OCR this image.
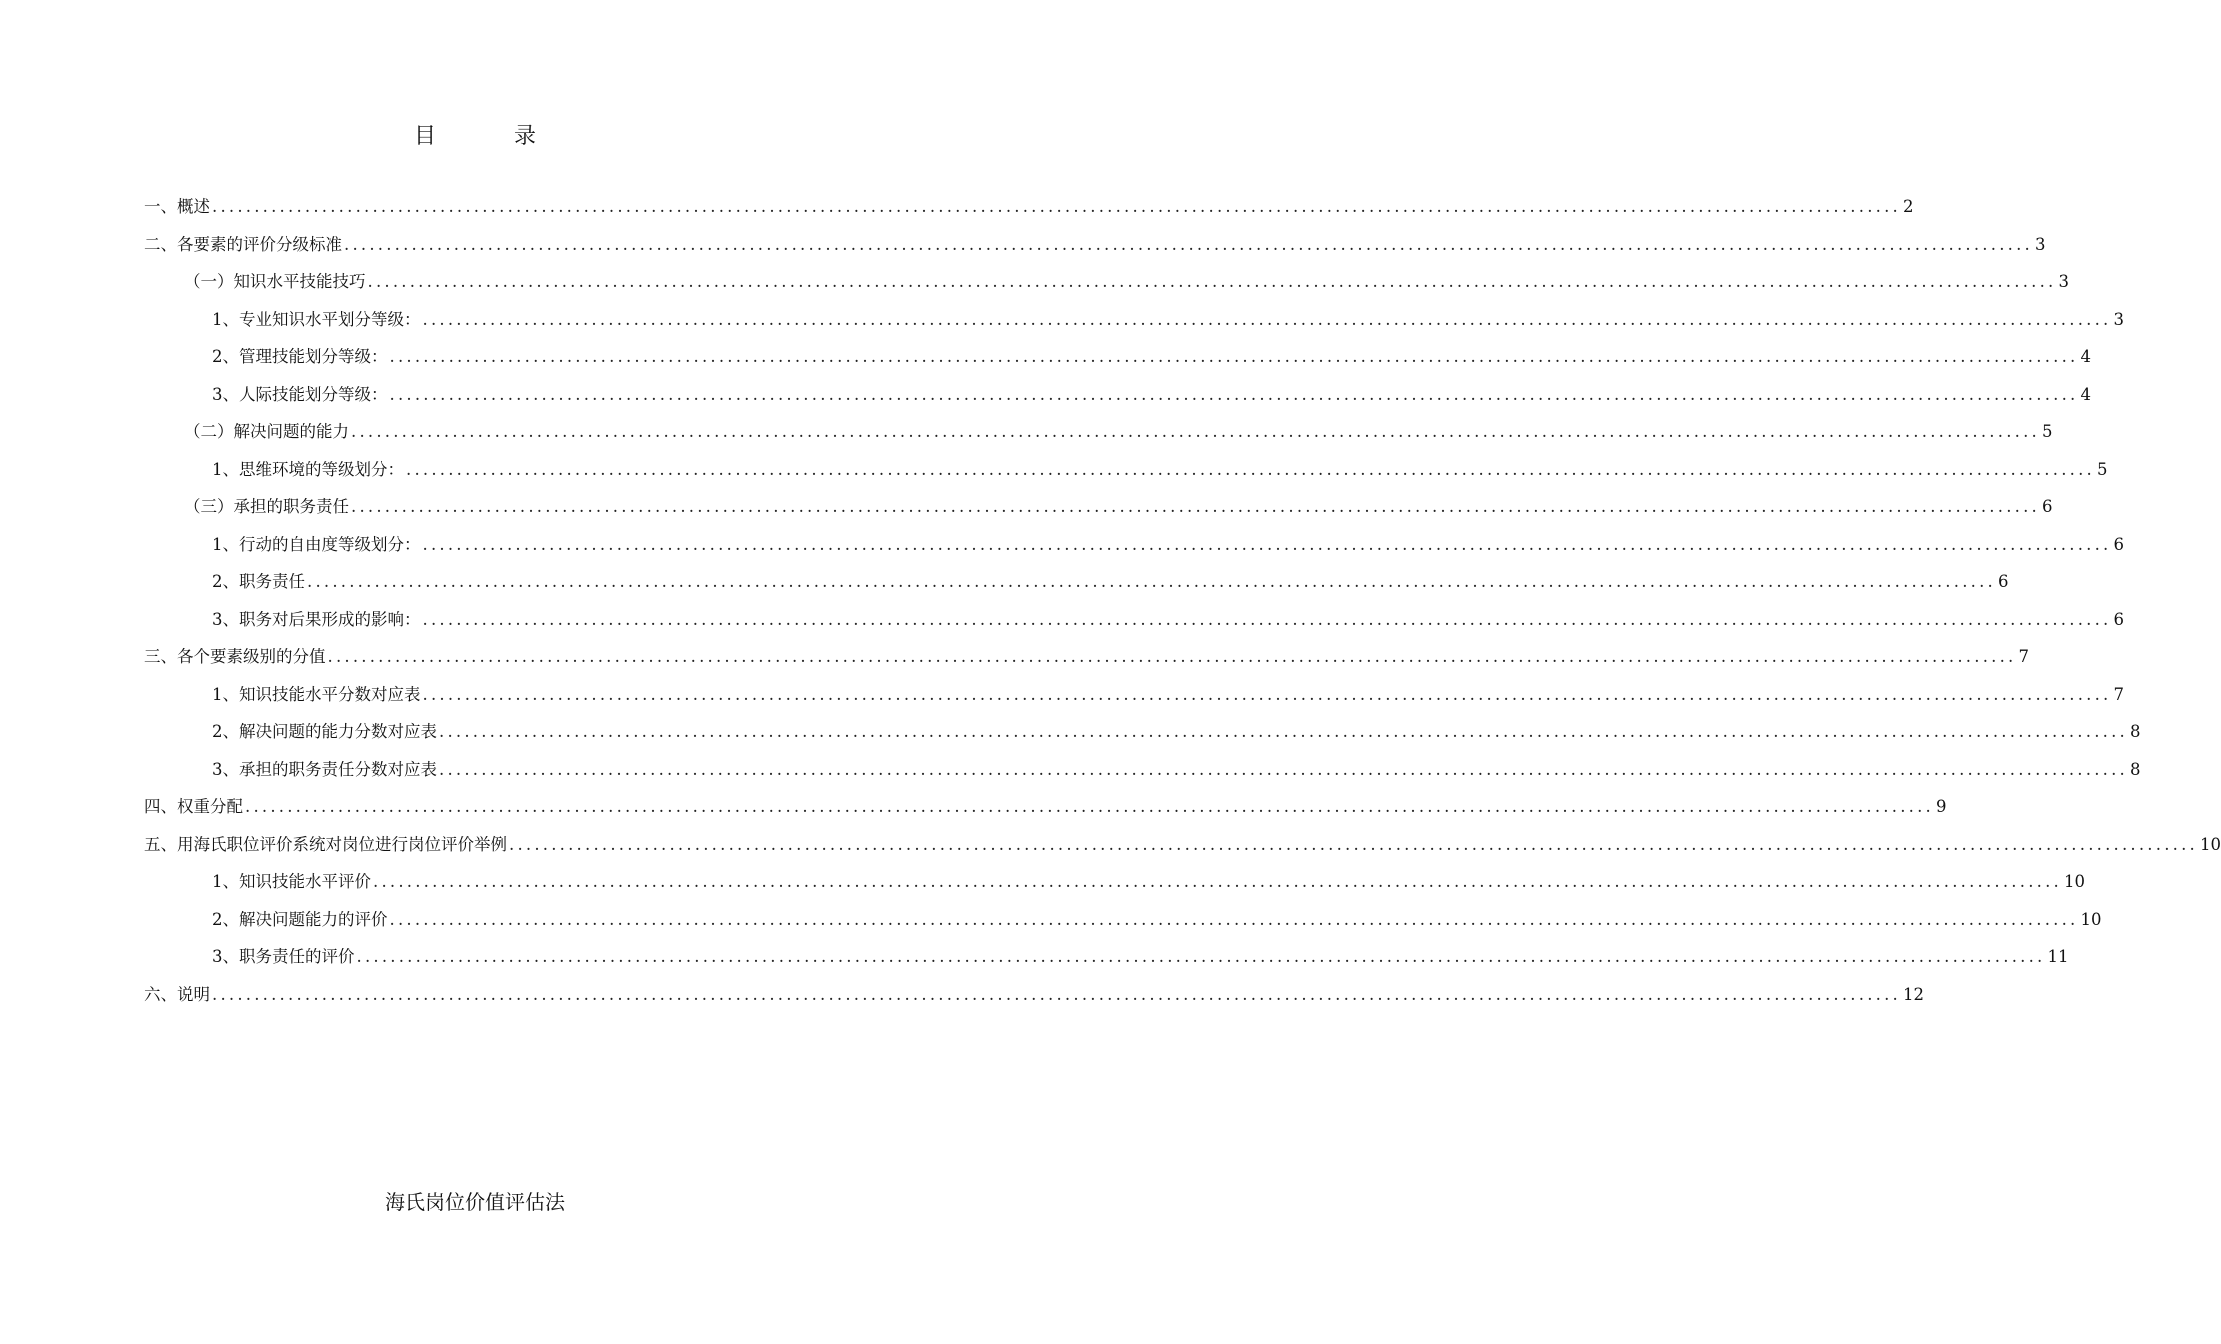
目　录
一、概述 ........................................................................................................................................................................................................ 2
二、各要素的评价分级标准 ........................................................................................................................................................................................................ 3
（一）知识水平技能技巧 ........................................................................................................................................................................................................ 3
1、专业知识水平划分等级： ........................................................................................................................................................................................................ 3
2、管理技能划分等级： ........................................................................................................................................................................................................ 4
3、人际技能划分等级： ........................................................................................................................................................................................................ 4
（二）解决问题的能力 ........................................................................................................................................................................................................ 5
1、思维环境的等级划分： ........................................................................................................................................................................................................ 5
（三）承担的职务责任 ........................................................................................................................................................................................................ 6
1、行动的自由度等级划分： ........................................................................................................................................................................................................ 6
2、职务责任 ........................................................................................................................................................................................................ 6
3、职务对后果形成的影响： ........................................................................................................................................................................................................ 6
三、各个要素级别的分值 ........................................................................................................................................................................................................ 7
1、知识技能水平分数对应表 ........................................................................................................................................................................................................ 7
2、解决问题的能力分数对应表 ........................................................................................................................................................................................................ 8
3、承担的职务责任分数对应表 ........................................................................................................................................................................................................ 8
四、权重分配 ........................................................................................................................................................................................................ 9
五、用海氏职位评价系统对岗位进行岗位评价举例 ........................................................................................................................................................................................................ 10
1、知识技能水平评价 ........................................................................................................................................................................................................ 10
2、解决问题能力的评价 ........................................................................................................................................................................................................ 10
3、职务责任的评价 ........................................................................................................................................................................................................ 11
六、说明 ........................................................................................................................................................................................................ 12
海氏岗位价值评估法
